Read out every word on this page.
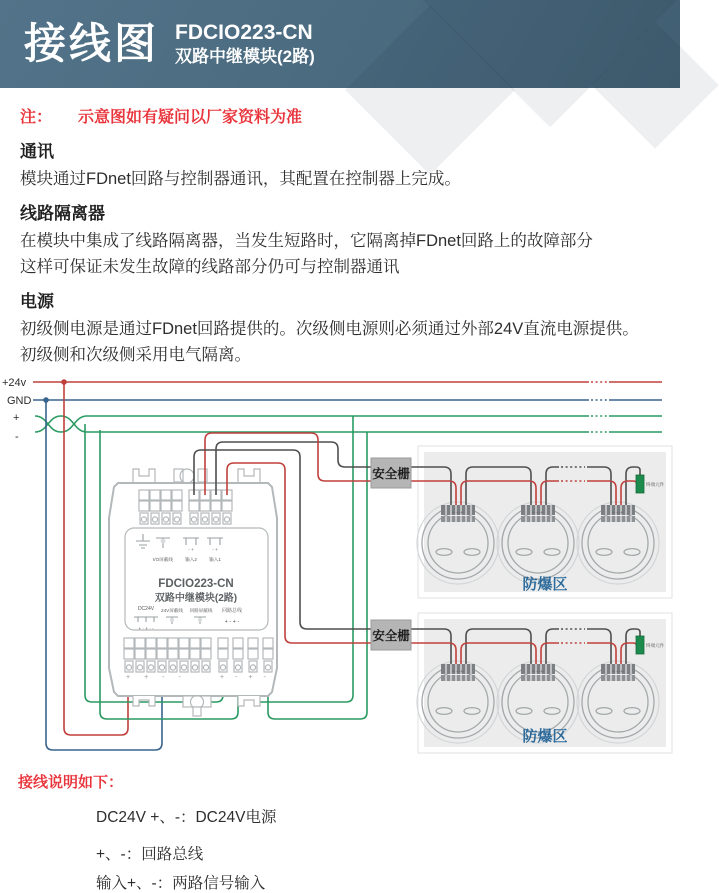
接线图 FDCIO223-CN
双路中继模块(2路)
注： 示意图如有疑问以厂家资料为准
通讯

模块通过FDnet回路与控制器通讯，其配置在控制器上完成。

线路隔离器

在模块中集成了线路隔离器，当发生短路时，它隔离掉FDnet回路上的故障部分

这样可保证未发生故障的线路部分仍可与控制器通讯

电源

初级侧电源是通过FDnet回路提供的。次级侧电源则必须通过外部24V直流电源提供。

初级侧和次级侧采用电气隔离。

+24v
GND
+
-
+·+·+·	+·+·+·	+·+·+·
防爆区
+·+·+·	+·+·+·	+·+·+·
防爆区
- +	- +
I/O屏蔽线	输入2	输入1
FDCIO223-CN
双路中继模块(2路)
DC24V 24V屏蔽线 回路屏蔽线 回路总线
+ · + · -
+ - + -
++--	+-+-
安全栅
安全栅
终端元件
终端元件
接线说明如下：
DC24V +、-：DC24V电源
+、-：回路总线
输入+、-：两路信号输入
